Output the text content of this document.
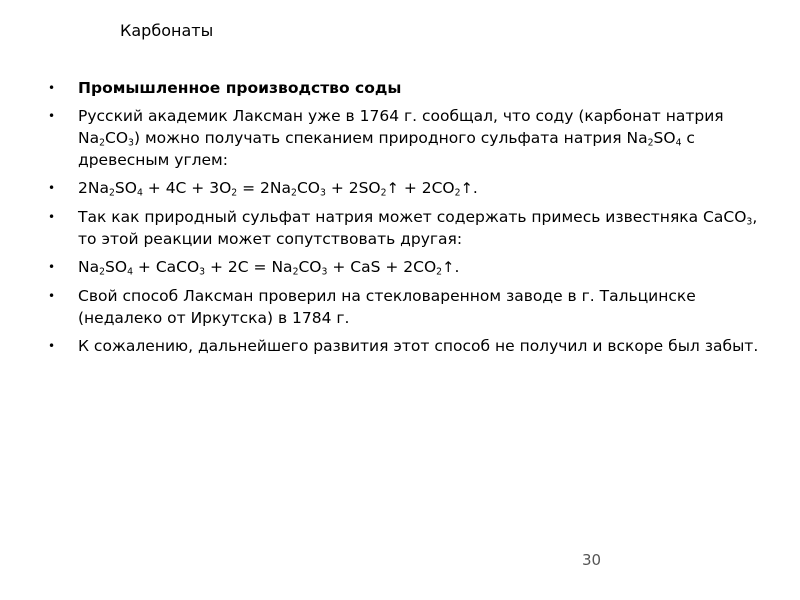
Карбонаты
• Промышленное производство соды
• Русский академик Лаксман уже в 1764 г. сообщал, что соду (карбонат натрия $Na_2CO_3$) можно получать спеканием природного сульфата натрия $Na_2SO_4$ с древесным углем:
• $2Na_2SO_4 + 4C + 3O_2 = 2Na_2CO_3$ + $2SO_2↑$ + $2CO_2↑$.
• Так как природный сульфат натрия может содержать примесь известняка CaCO$_3$, то этой реакции может сопутствовать другая:
• $Na_2SO_4$ + CaCO$_3$ + $2C = Na_2CO_3$ + CaS + $2CO_2↑$.
• Свой способ Лаксман проверил на стекловаренном заводе в г. Тальцинске (недалеко от Иркутска) в 1784 г.
• К сожалению, дальнейшего развития этот способ не получил и вскоре был забыт.
30
